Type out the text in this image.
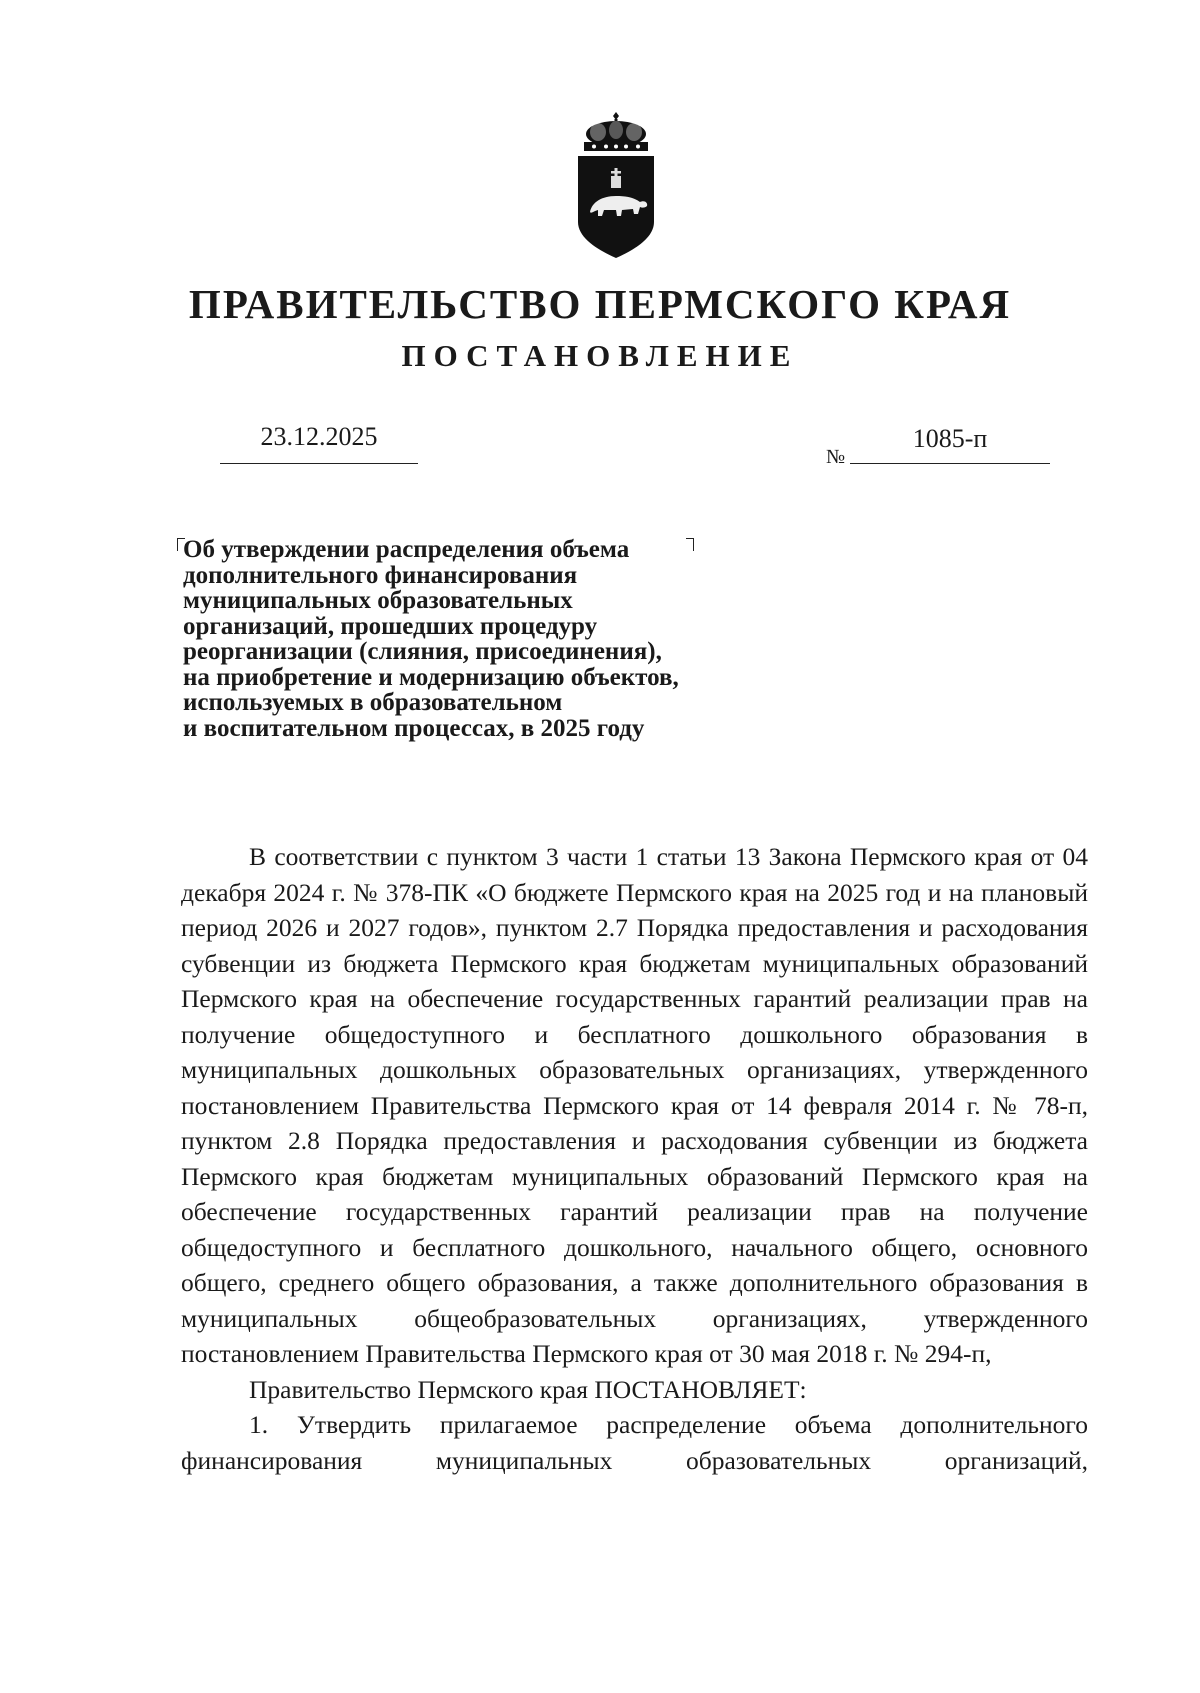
ПРАВИТЕЛЬСТВО ПЕРМСКОГО КРАЯ
ПОСТАНОВЛЕНИЕ
23.12.2025
№
1085-п
Об утверждении распределения объема
дополнительного финансирования
муниципальных образовательных
организаций, прошедших процедуру
реорганизации (слияния, присоединения),
на приобретение и модернизацию объектов,
используемых в образовательном
и воспитательном процессах, в 2025 году

В соответствии с пунктом 3 части 1 статьи 13 Закона Пермского края от 04 декабря 2024 г. № 378-ПК «О бюджете Пермского края на 2025 год и на плановый период 2026 и 2027 годов», пунктом 2.7 Порядка предоставления и расходования субвенции из бюджета Пермского края бюджетам муниципальных образований Пермского края на обеспечение государственных гарантий реализации прав на получение общедоступного и бесплатного дошкольного образования в муниципальных дошкольных образовательных организациях, утвержденного постановлением Правительства Пермского края от 14 февраля 2014 г. № 78-п, пунктом 2.8 Порядка предоставления и расходования субвенции из бюджета Пермского края бюджетам муниципальных образований Пермского края на обеспечение государственных гарантий реализации прав на получение общедоступного и бесплатного дошкольного, начального общего, основного общего, среднего общего образования, а также дополнительного образования в муниципальных общеобразовательных организациях, утвержденного постановлением Правительства Пермского края от 30 мая 2018 г. № 294-п,

Правительство Пермского края ПОСТАНОВЛЯЕТ:

1. Утвердить прилагаемое распределение объема дополнительного финансирования муниципальных образовательных организаций,
